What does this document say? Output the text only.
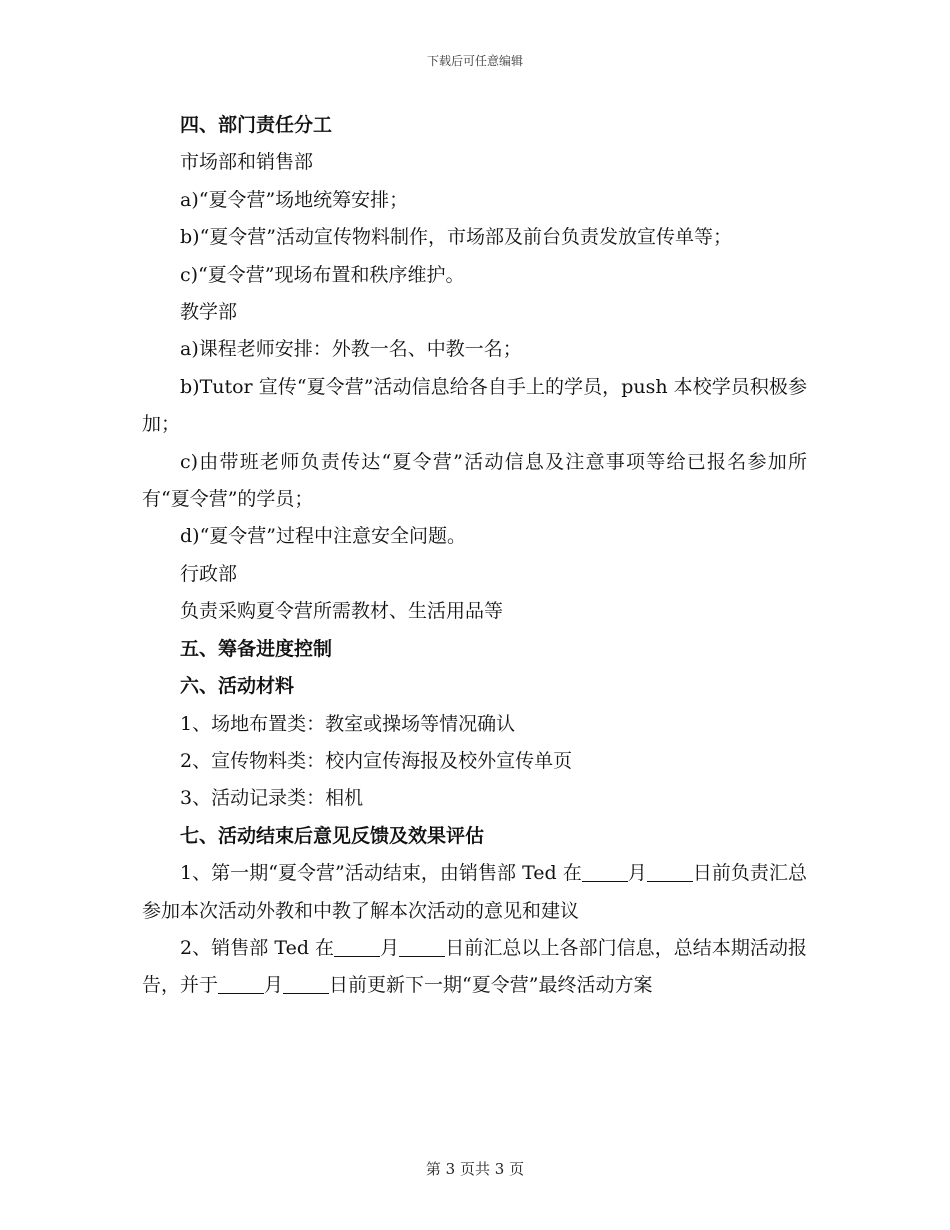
下载后可任意编辑

四、部门责任分工

市场部和销售部

a)“夏令营”场地统筹安排；

b)“夏令营”活动宣传物料制作，市场部及前台负责发放宣传单等；

c)“夏令营”现场布置和秩序维护。

教学部

a)课程老师安排：外教一名、中教一名；

b)Tutor 宣传“夏令营”活动信息给各自手上的学员，push 本校学员积极参加；

c)由带班老师负责传达“夏令营”活动信息及注意事项等给已报名参加所有“夏令营”的学员；

d)“夏令营”过程中注意安全问题。

行政部

负责采购夏令营所需教材、生活用品等

五、筹备进度控制

六、活动材料

1、场地布置类：教室或操场等情况确认

2、宣传物料类：校内宣传海报及校外宣传单页

3、活动记录类：相机

七、活动结束后意见反馈及效果评估

1、第一期“夏令营”活动结束，由销售部 Ted 在 月 日前负责汇总参加本次活动外教和中教了解本次活动的意见和建议

2、销售部 Ted 在 月 日前汇总以上各部门信息，总结本期活动报告，并于 月 日前更新下一期“夏令营”最终活动方案

第 3 页共 3 页
